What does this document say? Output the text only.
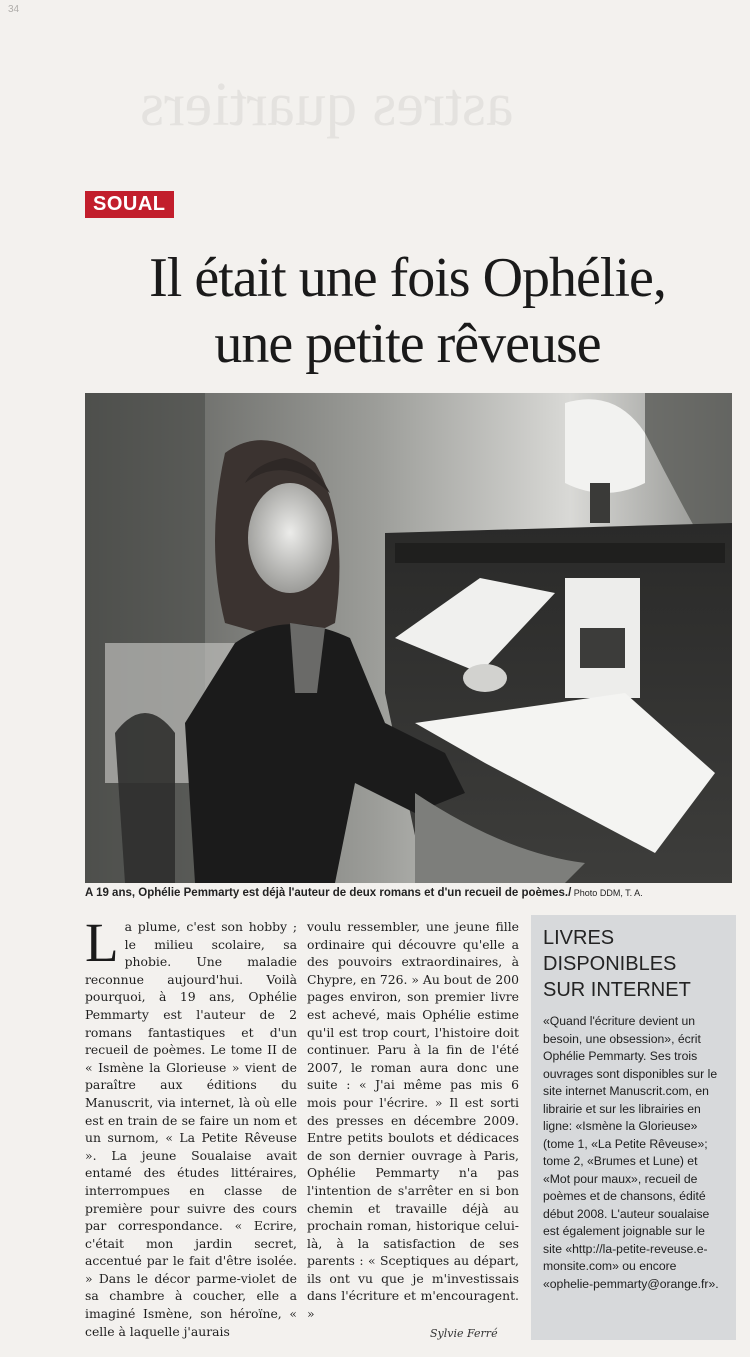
34
astres quartiers
SOUAL
Il était une fois Ophélie,
une petite rêveuse
A 19 ans, Ophélie Pemmarty est déjà l'auteur de deux romans et d'un recueil de poèmes./ Photo DDM, T. A.
La plume, c'est son hobby ; le milieu scolaire, sa phobie. Une maladie reconnue aujourd'hui. Voilà pourquoi, à 19 ans, Ophélie Pemmarty est l'auteur de 2 romans fantastiques et d'un recueil de poèmes. Le tome II de « Ismène la Glorieuse » vient de paraître aux éditions du Manuscrit, via internet, là où elle est en train de se faire un nom et un surnom, « La Petite Rêveuse ». La jeune Soualaise avait entamé des études littéraires, interrompues en classe de première pour suivre des cours par correspondance. « Ecrire, c'était mon jardin secret, accentué par le fait d'être isolée. » Dans le décor parme-violet de sa chambre à coucher, elle a imaginé Ismène, son héroïne, « celle à laquelle j'aurais
voulu ressembler, une jeune fille ordinaire qui découvre qu'elle a des pouvoirs extraordinaires, à Chypre, en 726. » Au bout de 200 pages environ, son premier livre est achevé, mais Ophélie estime qu'il est trop court, l'histoire doit continuer. Paru à la fin de l'été 2007, le roman aura donc une suite : « J'ai même pas mis 6 mois pour l'écrire. » Il est sorti des presses en décembre 2009. Entre petits boulots et dédicaces de son dernier ouvrage à Paris, Ophélie Pemmarty n'a pas l'intention de s'arrêter en si bon chemin et travaille déjà au prochain roman, historique celui-là, à la satisfaction de ses parents : « Sceptiques au départ, ils ont vu que je m'investissais dans l'écriture et m'encouragent. »
Sylvie Ferré
LIVRES DISPONIBLES
SUR INTERNET
«Quand l'écriture devient un besoin, une obsession», écrit Ophélie Pemmarty. Ses trois ouvrages sont disponibles sur le site internet Manuscrit.com, en librairie et sur les librairies en ligne: «Ismène la Glorieuse» (tome 1, «La Petite Rêveuse»; tome 2, «Brumes et Lune) et «Mot pour maux», recueil de poèmes et de chansons, édité début 2008. L'auteur soualaise est également joignable sur le site «http://la-petite-reveuse.e-monsite.com» ou encore «ophelie-pemmarty@orange.fr».
